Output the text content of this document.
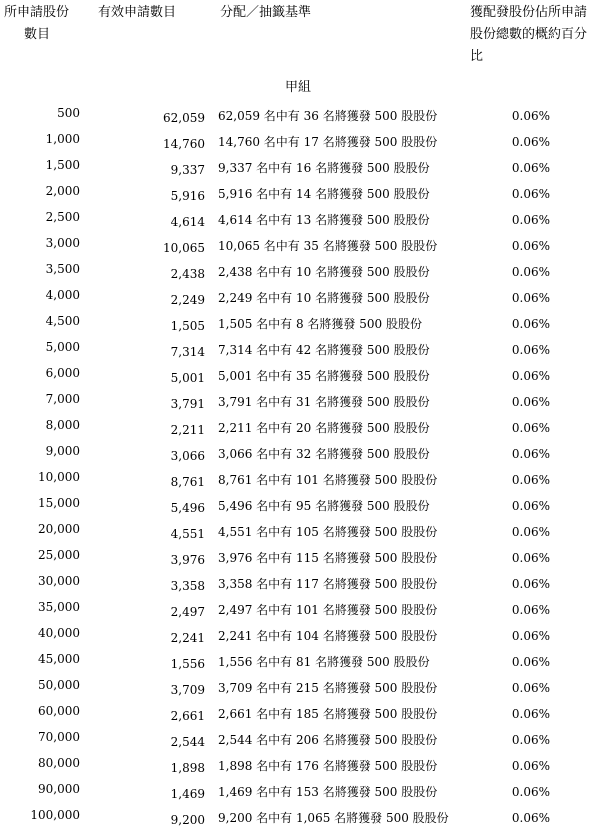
所申請股份
數目
有效申請數目	分配／抽籤基準	獲配發股份佔所申請
股份總數的概約百分
比
甲組
500	62,059 62,059 名中有 36 名將獲發 500 股股份	0.06%
1,000	14,760 14,760 名中有 17 名將獲發 500 股股份	0.06%
1,500	9,337 9,337 名中有 16 名將獲發 500 股股份	0.06%
2,000	5,916 5,916 名中有 14 名將獲發 500 股股份	0.06%
2,500	4,614 4,614 名中有 13 名將獲發 500 股股份	0.06%
3,000	10,065 10,065 名中有 35 名將獲發 500 股股份	0.06%
3,500	2,438 2,438 名中有 10 名將獲發 500 股股份	0.06%
4,000	2,249 2,249 名中有 10 名將獲發 500 股股份	0.06%
4,500	1,505 1,505 名中有 8 名將獲發 500 股股份	0.06%
5,000	7,314 7,314 名中有 42 名將獲發 500 股股份	0.06%
6,000	5,001 5,001 名中有 35 名將獲發 500 股股份	0.06%
7,000	3,791 3,791 名中有 31 名將獲發 500 股股份	0.06%
8,000	2,211 2,211 名中有 20 名將獲發 500 股股份	0.06%
9,000	3,066 3,066 名中有 32 名將獲發 500 股股份	0.06%
10,000	8,761 8,761 名中有 101 名將獲發 500 股股份	0.06%
15,000	5,496 5,496 名中有 95 名將獲發 500 股股份	0.06%
20,000	4,551 4,551 名中有 105 名將獲發 500 股股份	0.06%
25,000	3,976 3,976 名中有 115 名將獲發 500 股股份	0.06%
30,000	3,358 3,358 名中有 117 名將獲發 500 股股份	0.06%
35,000	2,497 2,497 名中有 101 名將獲發 500 股股份	0.06%
40,000	2,241 2,241 名中有 104 名將獲發 500 股股份	0.06%
45,000	1,556 1,556 名中有 81 名將獲發 500 股股份	0.06%
50,000	3,709 3,709 名中有 215 名將獲發 500 股股份	0.06%
60,000	2,661 2,661 名中有 185 名將獲發 500 股股份	0.06%
70,000	2,544 2,544 名中有 206 名將獲發 500 股股份	0.06%
80,000	1,898 1,898 名中有 176 名將獲發 500 股股份	0.06%
90,000	1,469 1,469 名中有 153 名將獲發 500 股股份	0.06%
100,000	9,200 9,200 名中有 1,065 名將獲發 500 股股份	0.06%
